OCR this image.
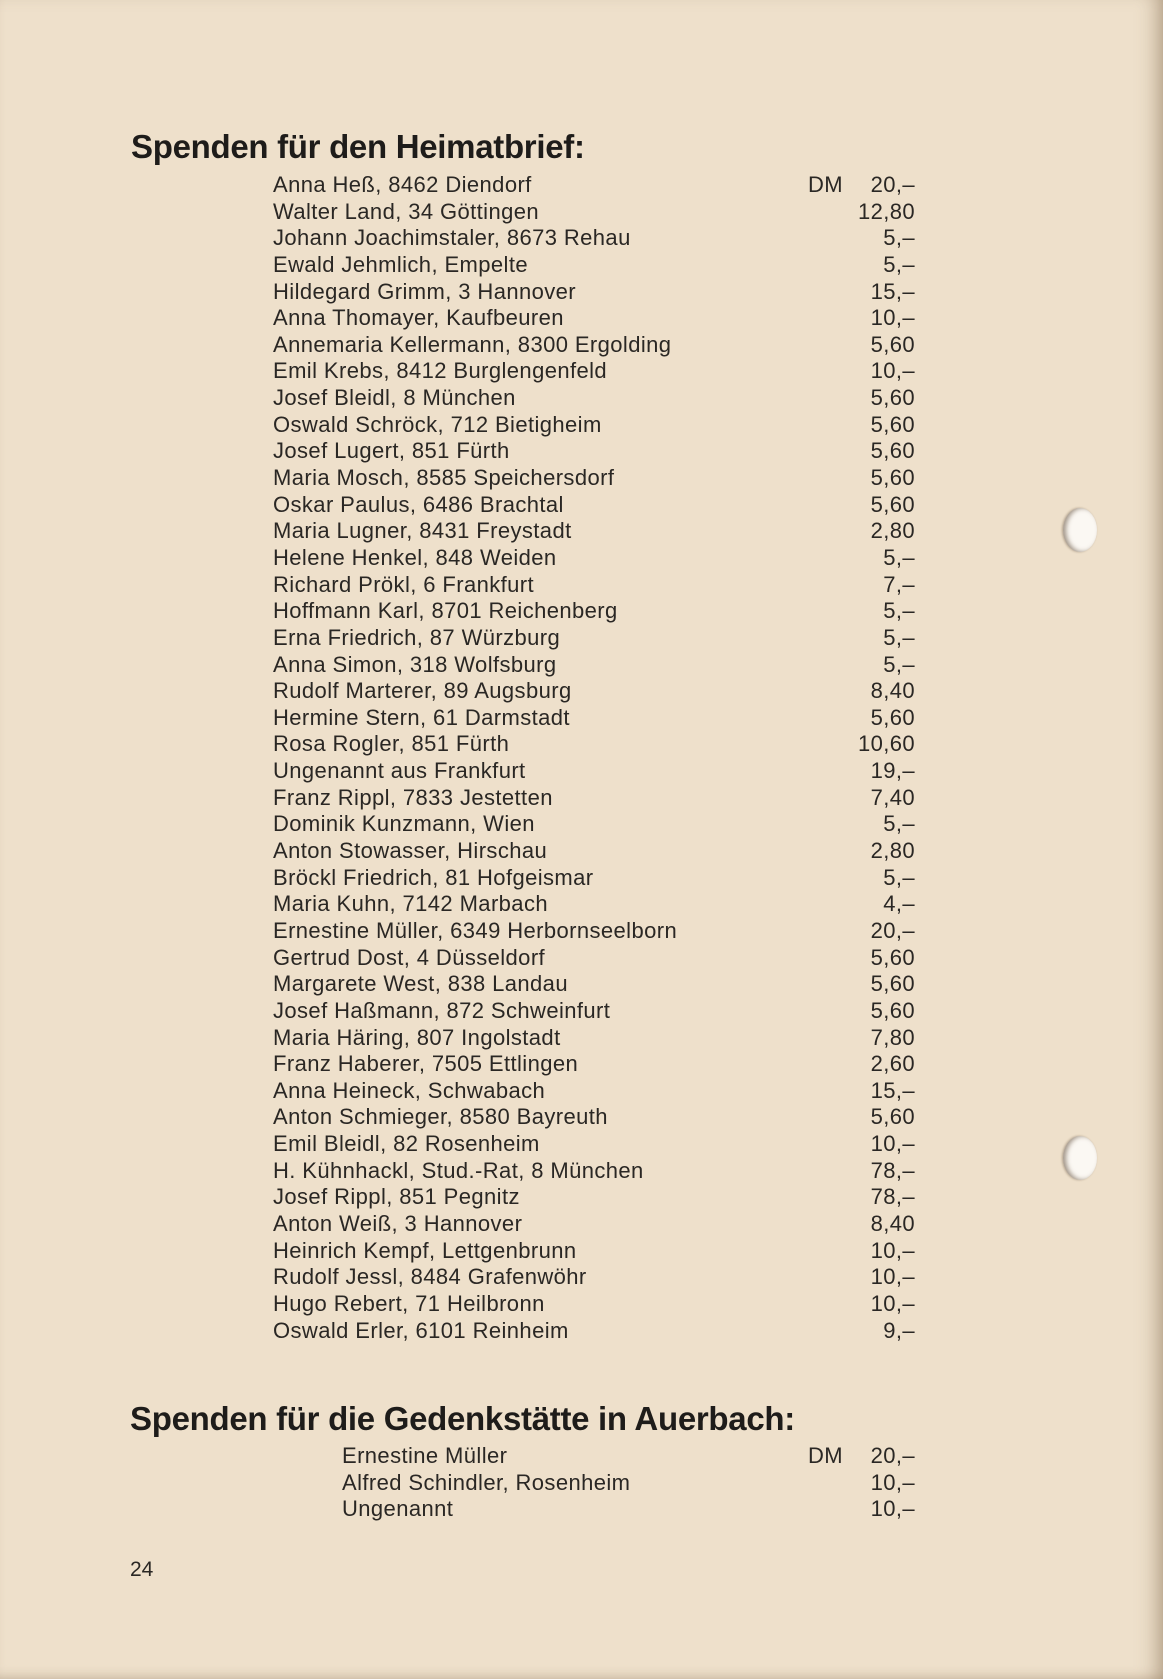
Spenden für den Heimatbrief:
Anna Heß, 8462 Diendorf	DM 20,–
Walter Land, 34 Göttingen	12,80
Johann Joachimstaler, 8673 Rehau	5,–
Ewald Jehmlich, Empelte	5,–
Hildegard Grimm, 3 Hannover	15,–
Anna Thomayer, Kaufbeuren	10,–
Annemaria Kellermann, 8300 Ergolding	5,60
Emil Krebs, 8412 Burglengenfeld	10,–
Josef Bleidl, 8 München	5,60
Oswald Schröck, 712 Bietigheim	5,60
Josef Lugert, 851 Fürth	5,60
Maria Mosch, 8585 Speichersdorf	5,60
Oskar Paulus, 6486 Brachtal	5,60
Maria Lugner, 8431 Freystadt	2,80
Helene Henkel, 848 Weiden	5,–
Richard Prökl, 6 Frankfurt	7,–
Hoffmann Karl, 8701 Reichenberg	5,–
Erna Friedrich, 87 Würzburg	5,–
Anna Simon, 318 Wolfsburg	5,–
Rudolf Marterer, 89 Augsburg	8,40
Hermine Stern, 61 Darmstadt	5,60
Rosa Rogler, 851 Fürth	10,60
Ungenannt aus Frankfurt	19,–
Franz Rippl, 7833 Jestetten	7,40
Dominik Kunzmann, Wien	5,–
Anton Stowasser, Hirschau	2,80
Bröckl Friedrich, 81 Hofgeismar	5,–
Maria Kuhn, 7142 Marbach	4,–
Ernestine Müller, 6349 Herbornseelborn	20,–
Gertrud Dost, 4 Düsseldorf	5,60
Margarete West, 838 Landau	5,60
Josef Haßmann, 872 Schweinfurt	5,60
Maria Häring, 807 Ingolstadt	7,80
Franz Haberer, 7505 Ettlingen	2,60
Anna Heineck, Schwabach	15,–
Anton Schmieger, 8580 Bayreuth	5,60
Emil Bleidl, 82 Rosenheim	10,–
H. Kühnhackl, Stud.-Rat, 8 München	78,–
Josef Rippl, 851 Pegnitz	78,–
Anton Weiß, 3 Hannover	8,40
Heinrich Kempf, Lettgenbrunn	10,–
Rudolf Jessl, 8484 Grafenwöhr	10,–
Hugo Rebert, 71 Heilbronn	10,–
Oswald Erler, 6101 Reinheim	9,–
Spenden für die Gedenkstätte in Auerbach:
Ernestine Müller	DM 20,–
Alfred Schindler, Rosenheim	10,–
Ungenannt	10,–
24
